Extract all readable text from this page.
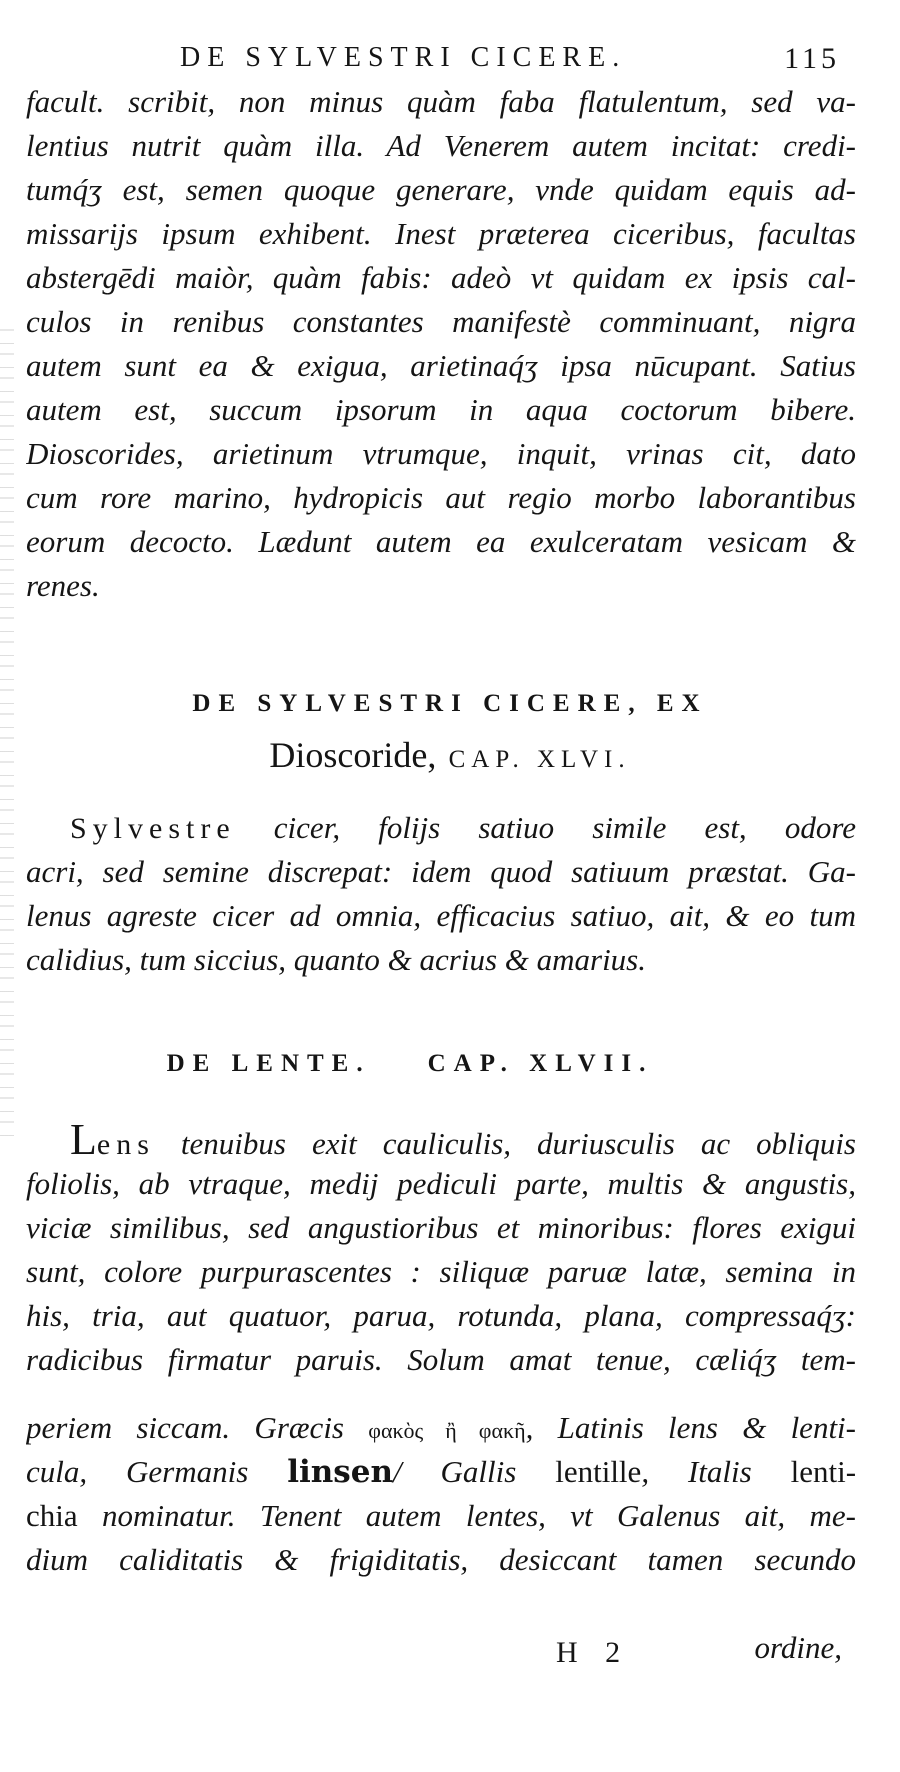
DE SYLVESTRI CICERE.	115
facult. scribit, non minus quàm faba flatulentum, sed va-
lentius nutrit quàm illa. Ad Venerem autem incitat: credi-
tumq́ʒ est, semen quoque generare, vnde quidam equis ad-
missarijs ipsum exhibent. Inest præterea ciceribus, facultas
abstergēdi maiòr, quàm fabis: adeò vt quidam ex ipsis cal-
culos in renibus constantes manifestè comminuant, nigra
autem sunt ea & exigua, arietinaq́ʒ ipsa nūcupant. Satius
autem est, succum ipsorum in aqua coctorum bibere.
Dioscorides, arietinum vtrumque, inquit, vrinas cit, dato
cum rore marino, hydropicis aut regio morbo laborantibus
eorum decocto. Lædunt autem ea exulceratam vesicam &
renes.
DE SYLVESTRI CICERE, EX
Dioscoride, CAP. XLVI.
Sylvestre cicer, folijs satiuo simile est, odore
acri, sed semine discrepat: idem quod satiuum præstat. Ga-
lenus agreste cicer ad omnia, efficacius satiuo, ait, & eo tum
calidius, tum siccius, quanto & acrius & amarius.
DE LENTE. CAP. XLVII.
Lens tenuibus exit cauliculis, duriusculis ac obliquis
foliolis, ab vtraque, medij pediculi parte, multis & angustis,
viciæ similibus, sed angustioribus et minoribus: flores exigui
sunt, colore purpurascentes : siliquæ paruæ latæ, semina in
his, tria, aut quatuor, parua, rotunda, plana, compressaq́ʒ:
radicibus firmatur paruis. Solum amat tenue, cæliq́ʒ tem-
periem siccam. Græcis φακὸς ἢ φακῆ, Latinis lens & lenti-
cula, Germanis linsen/ Gallis lentille, Italis lenti-
chia nominatur. Tenent autem lentes, vt Galenus ait, me-
dium caliditatis & frigiditatis, desiccant tamen secundo
H 2	ordine,
